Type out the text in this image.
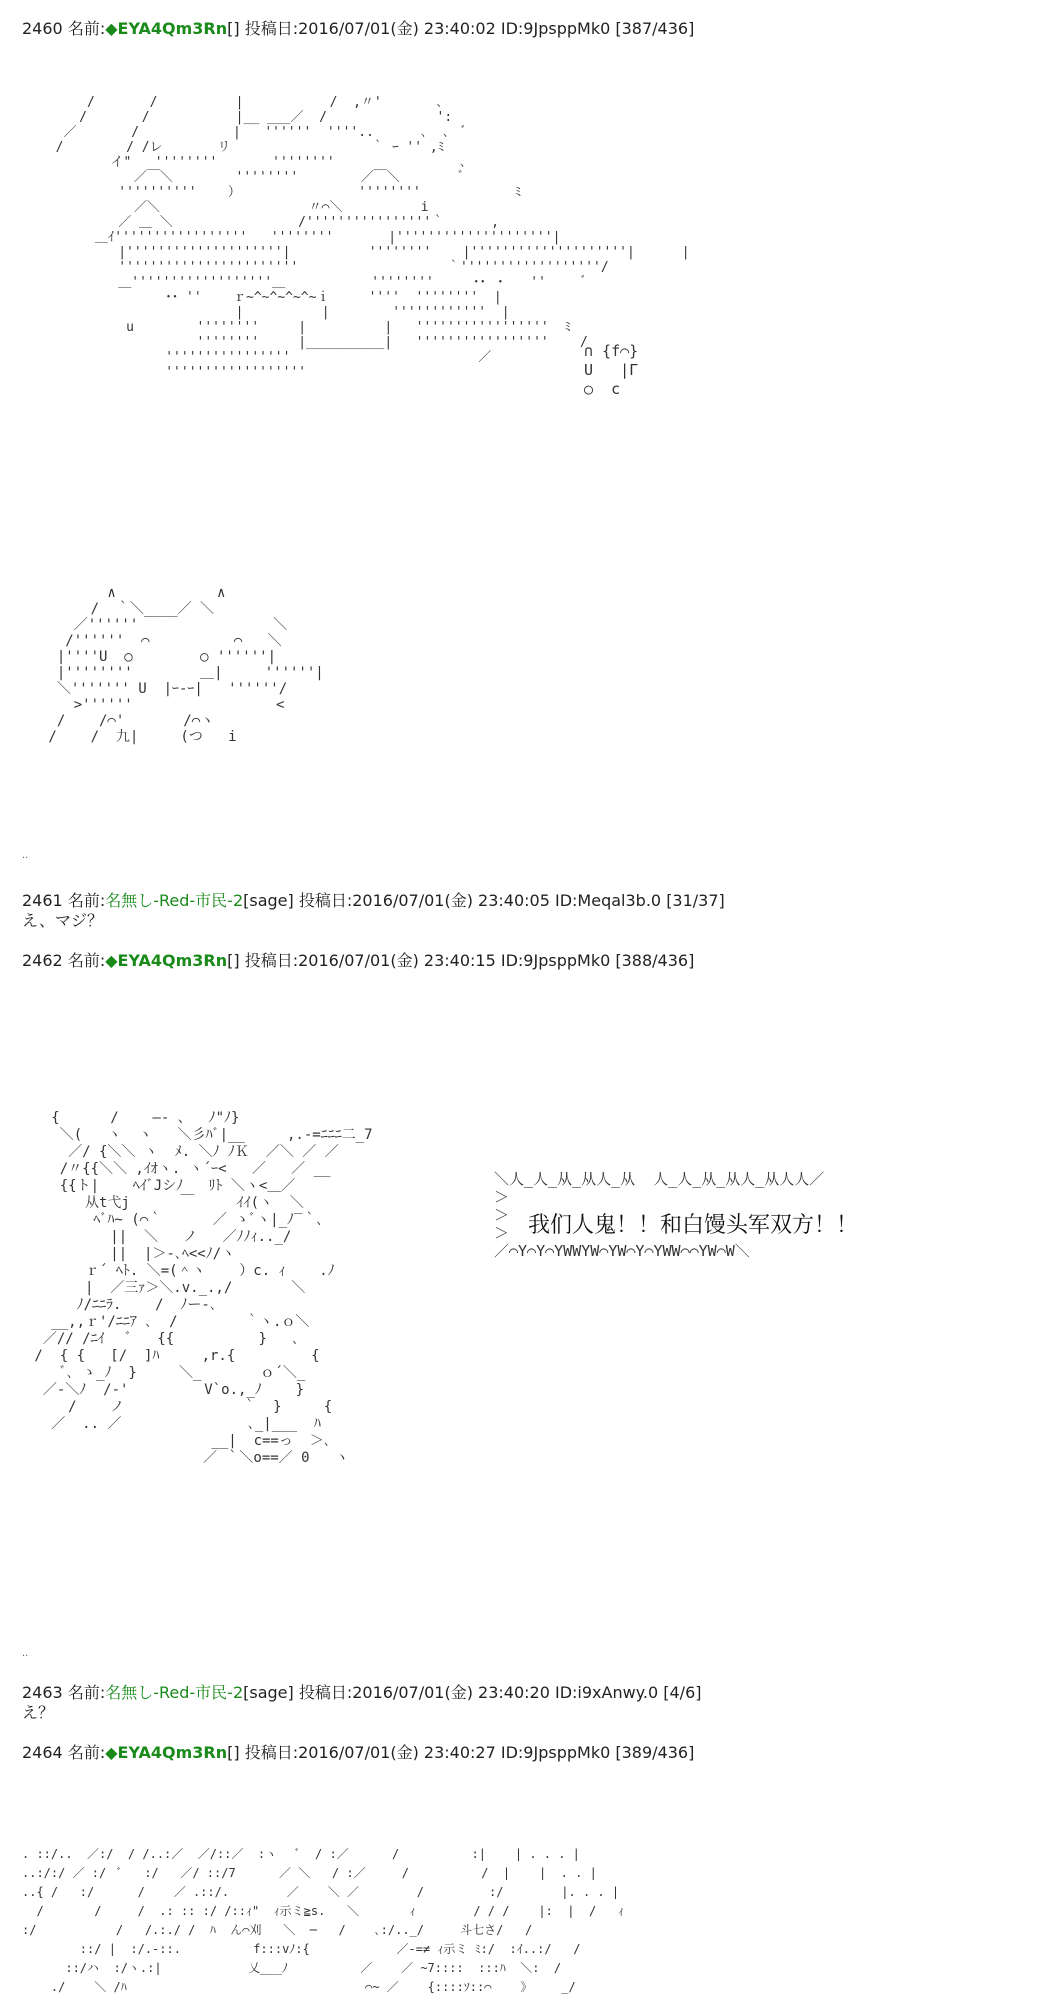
2460 名前:◆EYA4Qm3Rn[] 投稿日:2016/07/01(金) 23:40:02 ID:9JpsppMk0 [387/436]
/       /          |           /  ,〃'       ､
/       /           |__ ___／  /              ':
／       /            |   ''''''  ''''..      ､  ､  ﾞ
/        / /レ       リ                  ｀ ｰ '' ,ﾐ
イ"   ''''''''       ''''''''                ､
／￣＼        ''''''''        ／￣＼        ﾞ
''''''''''    ）               ''''''''            ﾐ
／＼                   〃⌒＼          i
／ ＿ ＼                /''''''''''''''''｀      ,
＿ｲ'''''''''''''''''   ''''''''       |''''''''''''''''''''|
|''''''''''''''''''''|          ''''''''    |''''''''''''''''''''|      |
'''''''''''''''''''''''                   ｀''''''''''''''''''/
＿''''''''''''''''''＿           ''''''''     ･･ ・   ''     ﾞ
･･ ''    ｒ~^~^~^~^~ｉ     ''''  ''''''''  |
|          |        ''''''''''''  |
u        ''''''''     |          |   '''''''''''''''''  ﾐ
''''''''     |__________|   '''''''''''''''''    /
''''''''''''''''                        ／
''''''''''''''''''
∩ {f⌒}
U   |Γ
○  c
∧            ∧
/  ｀＼____／ ＼
／''''''                ＼
/''''''  ⌒          ⌒   ＼
|''''U  ○        ○ ''''''|
|''''''''        ＿|     ''''''|
＼''''''' U  |ｰ-ｰ|   ''''''/
>''''''                 <
/    /⌒'       /⌒ヽ
/    /  九|     (つ   i
..
2461 名前:名無し-Red-市民-2[sage] 投稿日:2016/07/01(金) 23:40:05 ID:Meqal3b.0 [31/37]
え、マジ？
2462 名前:◆EYA4Qm3Rn[] 投稿日:2016/07/01(金) 23:40:15 ID:9JpsppMk0 [388/436]
{      /    ―- 、  ﾉ"ﾉ}
＼(   ヽ  ヽ   ＼彡ﾊﾞ|__     ,.-=ﾆﾆﾆ二_7
／/ {＼＼ ヽ  ﾒ. ＼ﾉ ﾉＫ  ／＼ ／ ／
/〃{{＼＼ ,ｲｵヽ. ヽ´ｰ<   ／   ／ __
{{ト|    ﾍｲﾞJシﾉ   ﾘﾄ ＼ヽ<＿／
从t弋j      ￣     ｲｲ(ヽ  ＼
ﾍﾞﾊ~ (⌒｀      ／ ゝﾞヽ|_ﾉ‾｀､
||  ＼   ノ   ／ﾉﾉｨ.._/
||  |＞-､ﾍ<<ﾉ/ヽ
ｒ´ ﾍﾄ. ＼=(＾ヽ    ）c. ｨ    .ﾉ
|  ／三ｧ＞＼.v._.,/       ＼
ﾉ/ﾆﾆﾗ.    /  ﾉー-､
__,,ｒ'/ﾆﾆｱ ､  /        ｀ヽ.ｏ＼
／// /ﾆｲ   ﾞ   {{          }   ､
/  { {   [/  ]ﾊ     ,r.{         {
ﾞ､ ゝ_ﾉ  }     ＼_       ｏ´＼_
／-＼ﾉ  /-'         V`o.,_ﾉ    }
/    ノ              ｀  }     {
／  .. ／               ､_|___  ﾊ
__|  c==っ  ＞､
／ ｀＼o==／ 0   ヽ
＼人_人_从_从人_从  人_人_从_从人_从人人／
＞
＞
＞
／⌒Y⌒Y⌒YWWYW⌒YW⌒Y⌒YWW⌒⌒YW⌒W＼
我们人鬼！！和白馒头军双方！！
..
2463 名前:名無し-Red-市民-2[sage] 投稿日:2016/07/01(金) 23:40:20 ID:i9xAnwy.0 [4/6]
え？
2464 名前:◆EYA4Qm3Rn[] 投稿日:2016/07/01(金) 23:40:27 ID:9JpsppMk0 [389/436]
. ::/..  ／:/  / /..:／  ／/::／  :ヽ   ﾞ  / :／      /          :|    | . . . |
..:/:/ ／ :/  ﾞ   :/   ／/ ::/7      ／ ＼   / :／     /          /  |    |  . . |
..{ /   :/      /    ／ .::/.        ／    ＼ ／        /         :/        |. . . |
/       /     /  .: :: :/ /::ｨ"  ｨ示ミ≧s.   ＼       ｨ        / / /    |:  |  /   ｨ
:/           /   /.:./ /  ﾊ  ん⌒刈   ＼  ─   /    ､:/.._/     斗七さ/   /
::/ |  :/.-::.          f:::vﾉ:{            ／-=≠ ｨ示ミ ﾐ:/  :ｲ..:/   /
::/ハ  :/ヽ.:|            乂___ﾉ          ／    ／ ~7::::  :::ﾊ  ＼:  /
./    ＼ /ﾊ                                 ⌒~ ／    {::::ｿ::⌒    》    _/
